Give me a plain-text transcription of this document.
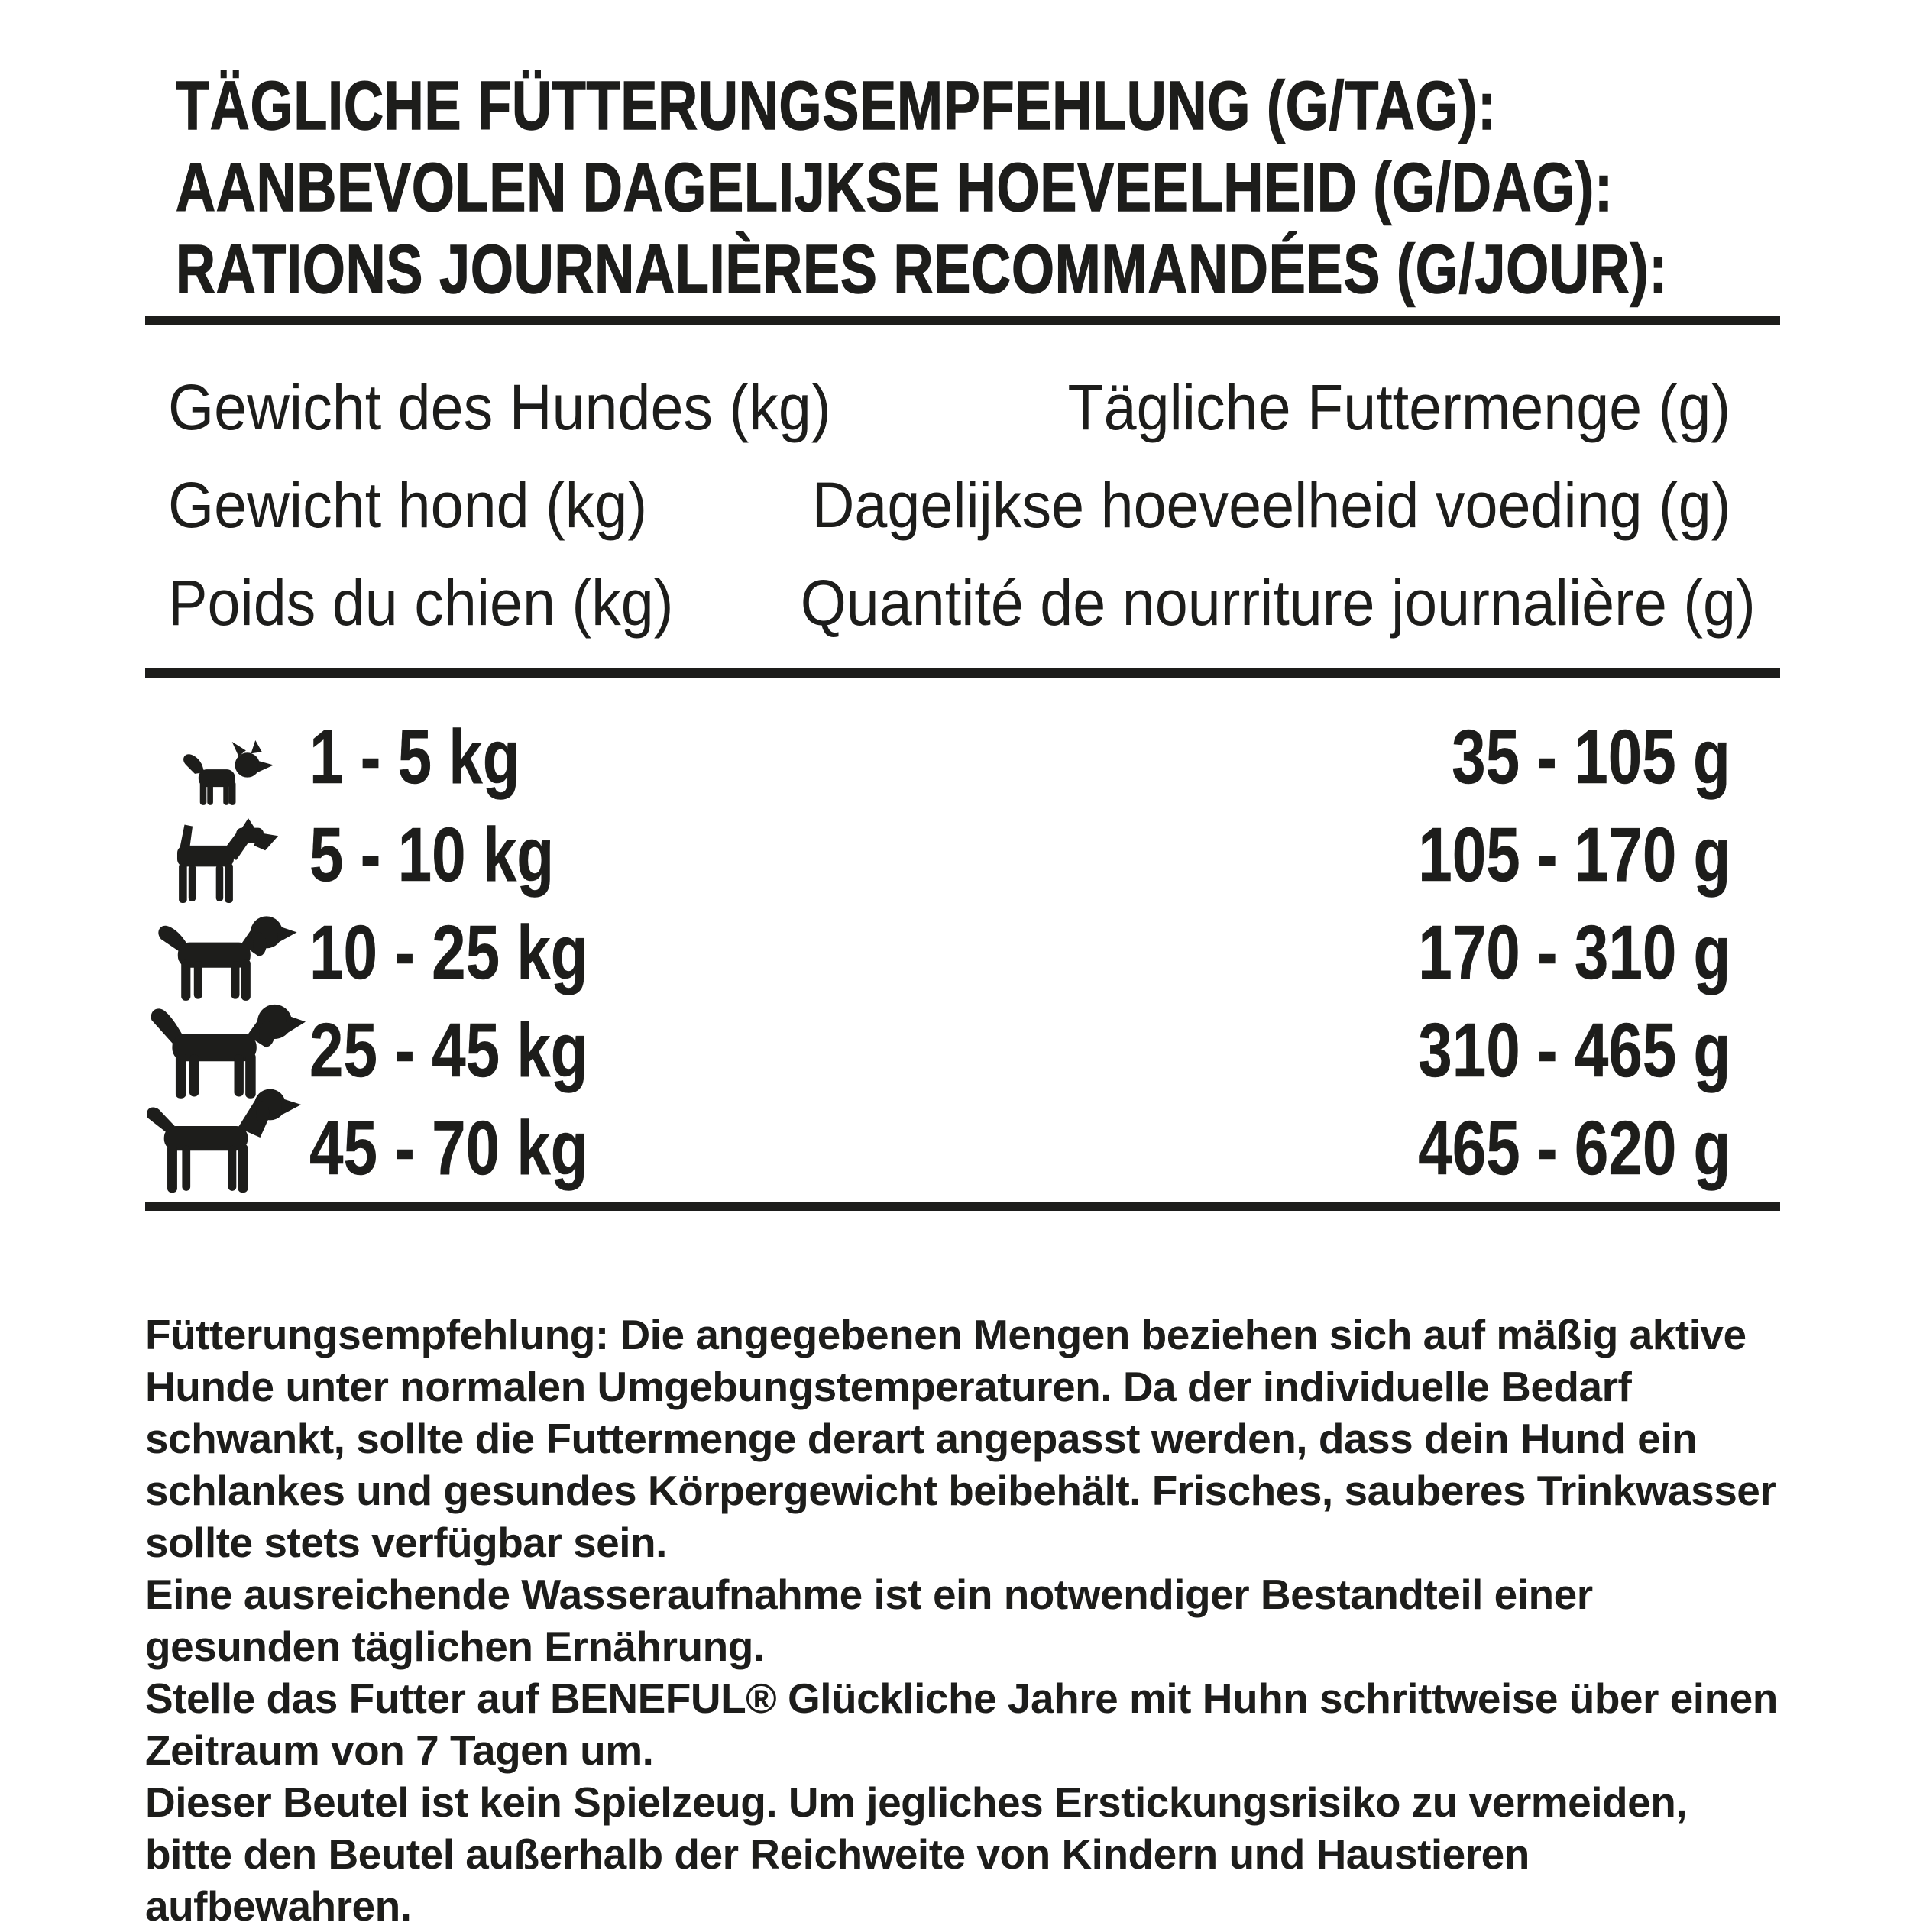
TÄGLICHE FÜTTERUNGSEMPFEHLUNG (G/TAG):
AANBEVOLEN DAGELIJKSE HOEVEELHEID (G/DAG):
RATIONS JOURNALIÈRES RECOMMANDÉES (G/JOUR):
Gewicht des Hundes (kg)	Tägliche Futtermenge (g)
Gewicht hond (kg)	Dagelijkse hoeveelheid voeding (g)
Poids du chien (kg) Quantité de nourriture journalière (g)
1 - 5 kg	35 - 105 g
5 - 10 kg	105 - 170 g
10 - 25 kg	170 - 310 g
25 - 45 kg	310 - 465 g
45 - 70 kg	465 - 620 g

Fütterungsempfehlung: Die angegebenen Mengen beziehen sich auf mäßig aktive Hunde unter normalen Umgebungstemperaturen. Da der individuelle Bedarf schwankt, sollte die Futtermenge derart angepasst werden, dass dein Hund ein schlankes und gesundes Körpergewicht beibehält. Frisches, sauberes Trinkwasser sollte stets verfügbar sein.

Eine ausreichende Wasseraufnahme ist ein notwendiger Bestandteil einer gesunden täglichen Ernährung.

Stelle das Futter auf BENEFUL® Glückliche Jahre mit Huhn schrittweise über einen Zeitraum von 7 Tagen um.

Dieser Beutel ist kein Spielzeug. Um jegliches Erstickungsrisiko zu vermeiden, bitte den Beutel außerhalb der Reichweite von Kindern und Haustieren aufbewahren.
